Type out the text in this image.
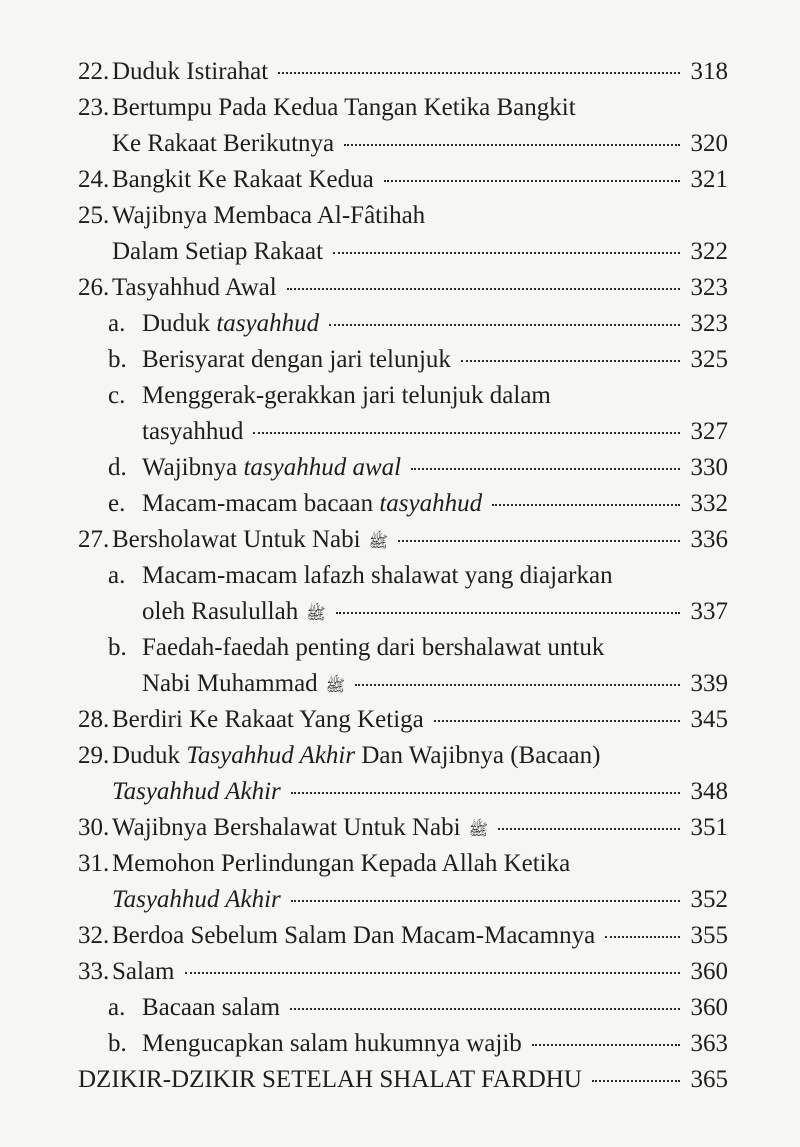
22. Duduk Istirahat	318
23. Bertumpu Pada Kedua Tangan Ketika Bangkit
Ke Rakaat Berikutnya	320
24. Bangkit Ke Rakaat Kedua	321
25. Wajibnya Membaca Al-Fâtihah
Dalam Setiap Rakaat	322
26. Tasyahhud Awal	323
a. Duduk tasyahhud	323
b. Berisyarat dengan jari telunjuk	325
c. Menggerak-gerakkan jari telunjuk dalam
tasyahhud	327
d. Wajibnya tasyahhud awal	330
e. Macam-macam bacaan tasyahhud	332
27. Bersholawat Untuk Nabi ﷺ	336
a. Macam-macam lafazh shalawat yang diajarkan
oleh Rasulullah ﷺ	337
b. Faedah-faedah penting dari bershalawat untuk
Nabi Muhammad ﷺ	339
28. Berdiri Ke Rakaat Yang Ketiga	345
29. Duduk Tasyahhud Akhir Dan Wajibnya (Bacaan)
Tasyahhud Akhir	348
30. Wajibnya Bershalawat Untuk Nabi ﷺ	351
31. Memohon Perlindungan Kepada Allah Ketika
Tasyahhud Akhir	352
32. Berdoa Sebelum Salam Dan Macam-Macamnya	355
33. Salam	360
a. Bacaan salam	360
b. Mengucapkan salam hukumnya wajib	363
DZIKIR-DZIKIR SETELAH SHALAT FARDHU	365
